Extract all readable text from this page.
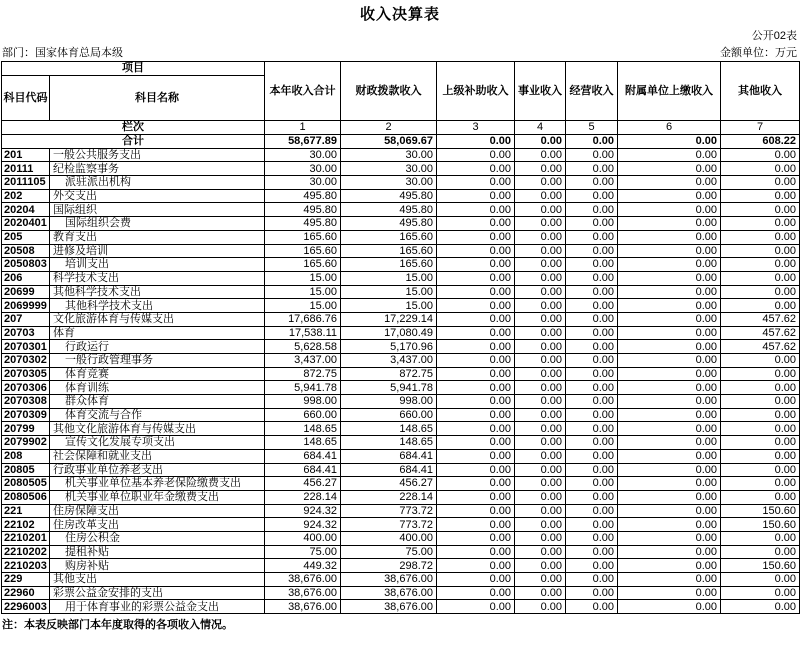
收入决算表
公开02表
部门：国家体育总局本级	金额单位：万元
项目		本年收入合计	财政拨款收入	上级补助收入	事业收入	经营收入	附属单位上缴收入	其他收入
科目代码	科目名称							
栏次		1	2	3	4	5	6	7
合计		58,677.89	58,069.67	0.00	0.00	0.00	0.00	608.22
201	一般公共服务支出	30.00	30.00	0.00	0.00	0.00	0.00	0.00
20111	纪检监察事务	30.00	30.00	0.00	0.00	0.00	0.00	0.00
2011105	派驻派出机构	30.00	30.00	0.00	0.00	0.00	0.00	0.00
202	外交支出	495.80	495.80	0.00	0.00	0.00	0.00	0.00
20204	国际组织	495.80	495.80	0.00	0.00	0.00	0.00	0.00
2020401	国际组织会费	495.80	495.80	0.00	0.00	0.00	0.00	0.00
205	教育支出	165.60	165.60	0.00	0.00	0.00	0.00	0.00
20508	进修及培训	165.60	165.60	0.00	0.00	0.00	0.00	0.00
2050803	培训支出	165.60	165.60	0.00	0.00	0.00	0.00	0.00
206	科学技术支出	15.00	15.00	0.00	0.00	0.00	0.00	0.00
20699	其他科学技术支出	15.00	15.00	0.00	0.00	0.00	0.00	0.00
2069999	其他科学技术支出	15.00	15.00	0.00	0.00	0.00	0.00	0.00
207	文化旅游体育与传媒支出	17,686.76	17,229.14	0.00	0.00	0.00	0.00	457.62
20703	体育	17,538.11	17,080.49	0.00	0.00	0.00	0.00	457.62
2070301	行政运行	5,628.58	5,170.96	0.00	0.00	0.00	0.00	457.62
2070302	一般行政管理事务	3,437.00	3,437.00	0.00	0.00	0.00	0.00	0.00
2070305	体育竞赛	872.75	872.75	0.00	0.00	0.00	0.00	0.00
2070306	体育训练	5,941.78	5,941.78	0.00	0.00	0.00	0.00	0.00
2070308	群众体育	998.00	998.00	0.00	0.00	0.00	0.00	0.00
2070309	体育交流与合作	660.00	660.00	0.00	0.00	0.00	0.00	0.00
20799	其他文化旅游体育与传媒支出	148.65	148.65	0.00	0.00	0.00	0.00	0.00
2079902	宣传文化发展专项支出	148.65	148.65	0.00	0.00	0.00	0.00	0.00
208	社会保障和就业支出	684.41	684.41	0.00	0.00	0.00	0.00	0.00
20805	行政事业单位养老支出	684.41	684.41	0.00	0.00	0.00	0.00	0.00
2080505	机关事业单位基本养老保险缴费支出	456.27	456.27	0.00	0.00	0.00	0.00	0.00
2080506	机关事业单位职业年金缴费支出	228.14	228.14	0.00	0.00	0.00	0.00	0.00
221	住房保障支出	924.32	773.72	0.00	0.00	0.00	0.00	150.60
22102	住房改革支出	924.32	773.72	0.00	0.00	0.00	0.00	150.60
2210201	住房公积金	400.00	400.00	0.00	0.00	0.00	0.00	0.00
2210202	提租补贴	75.00	75.00	0.00	0.00	0.00	0.00	0.00
2210203	购房补贴	449.32	298.72	0.00	0.00	0.00	0.00	150.60
229	其他支出	38,676.00	38,676.00	0.00	0.00	0.00	0.00	0.00
22960	彩票公益金安排的支出	38,676.00	38,676.00	0.00	0.00	0.00	0.00	0.00
2296003	用于体育事业的彩票公益金支出	38,676.00	38,676.00	0.00	0.00	0.00	0.00	0.00
注：本表反映部门本年度取得的各项收入情况。
